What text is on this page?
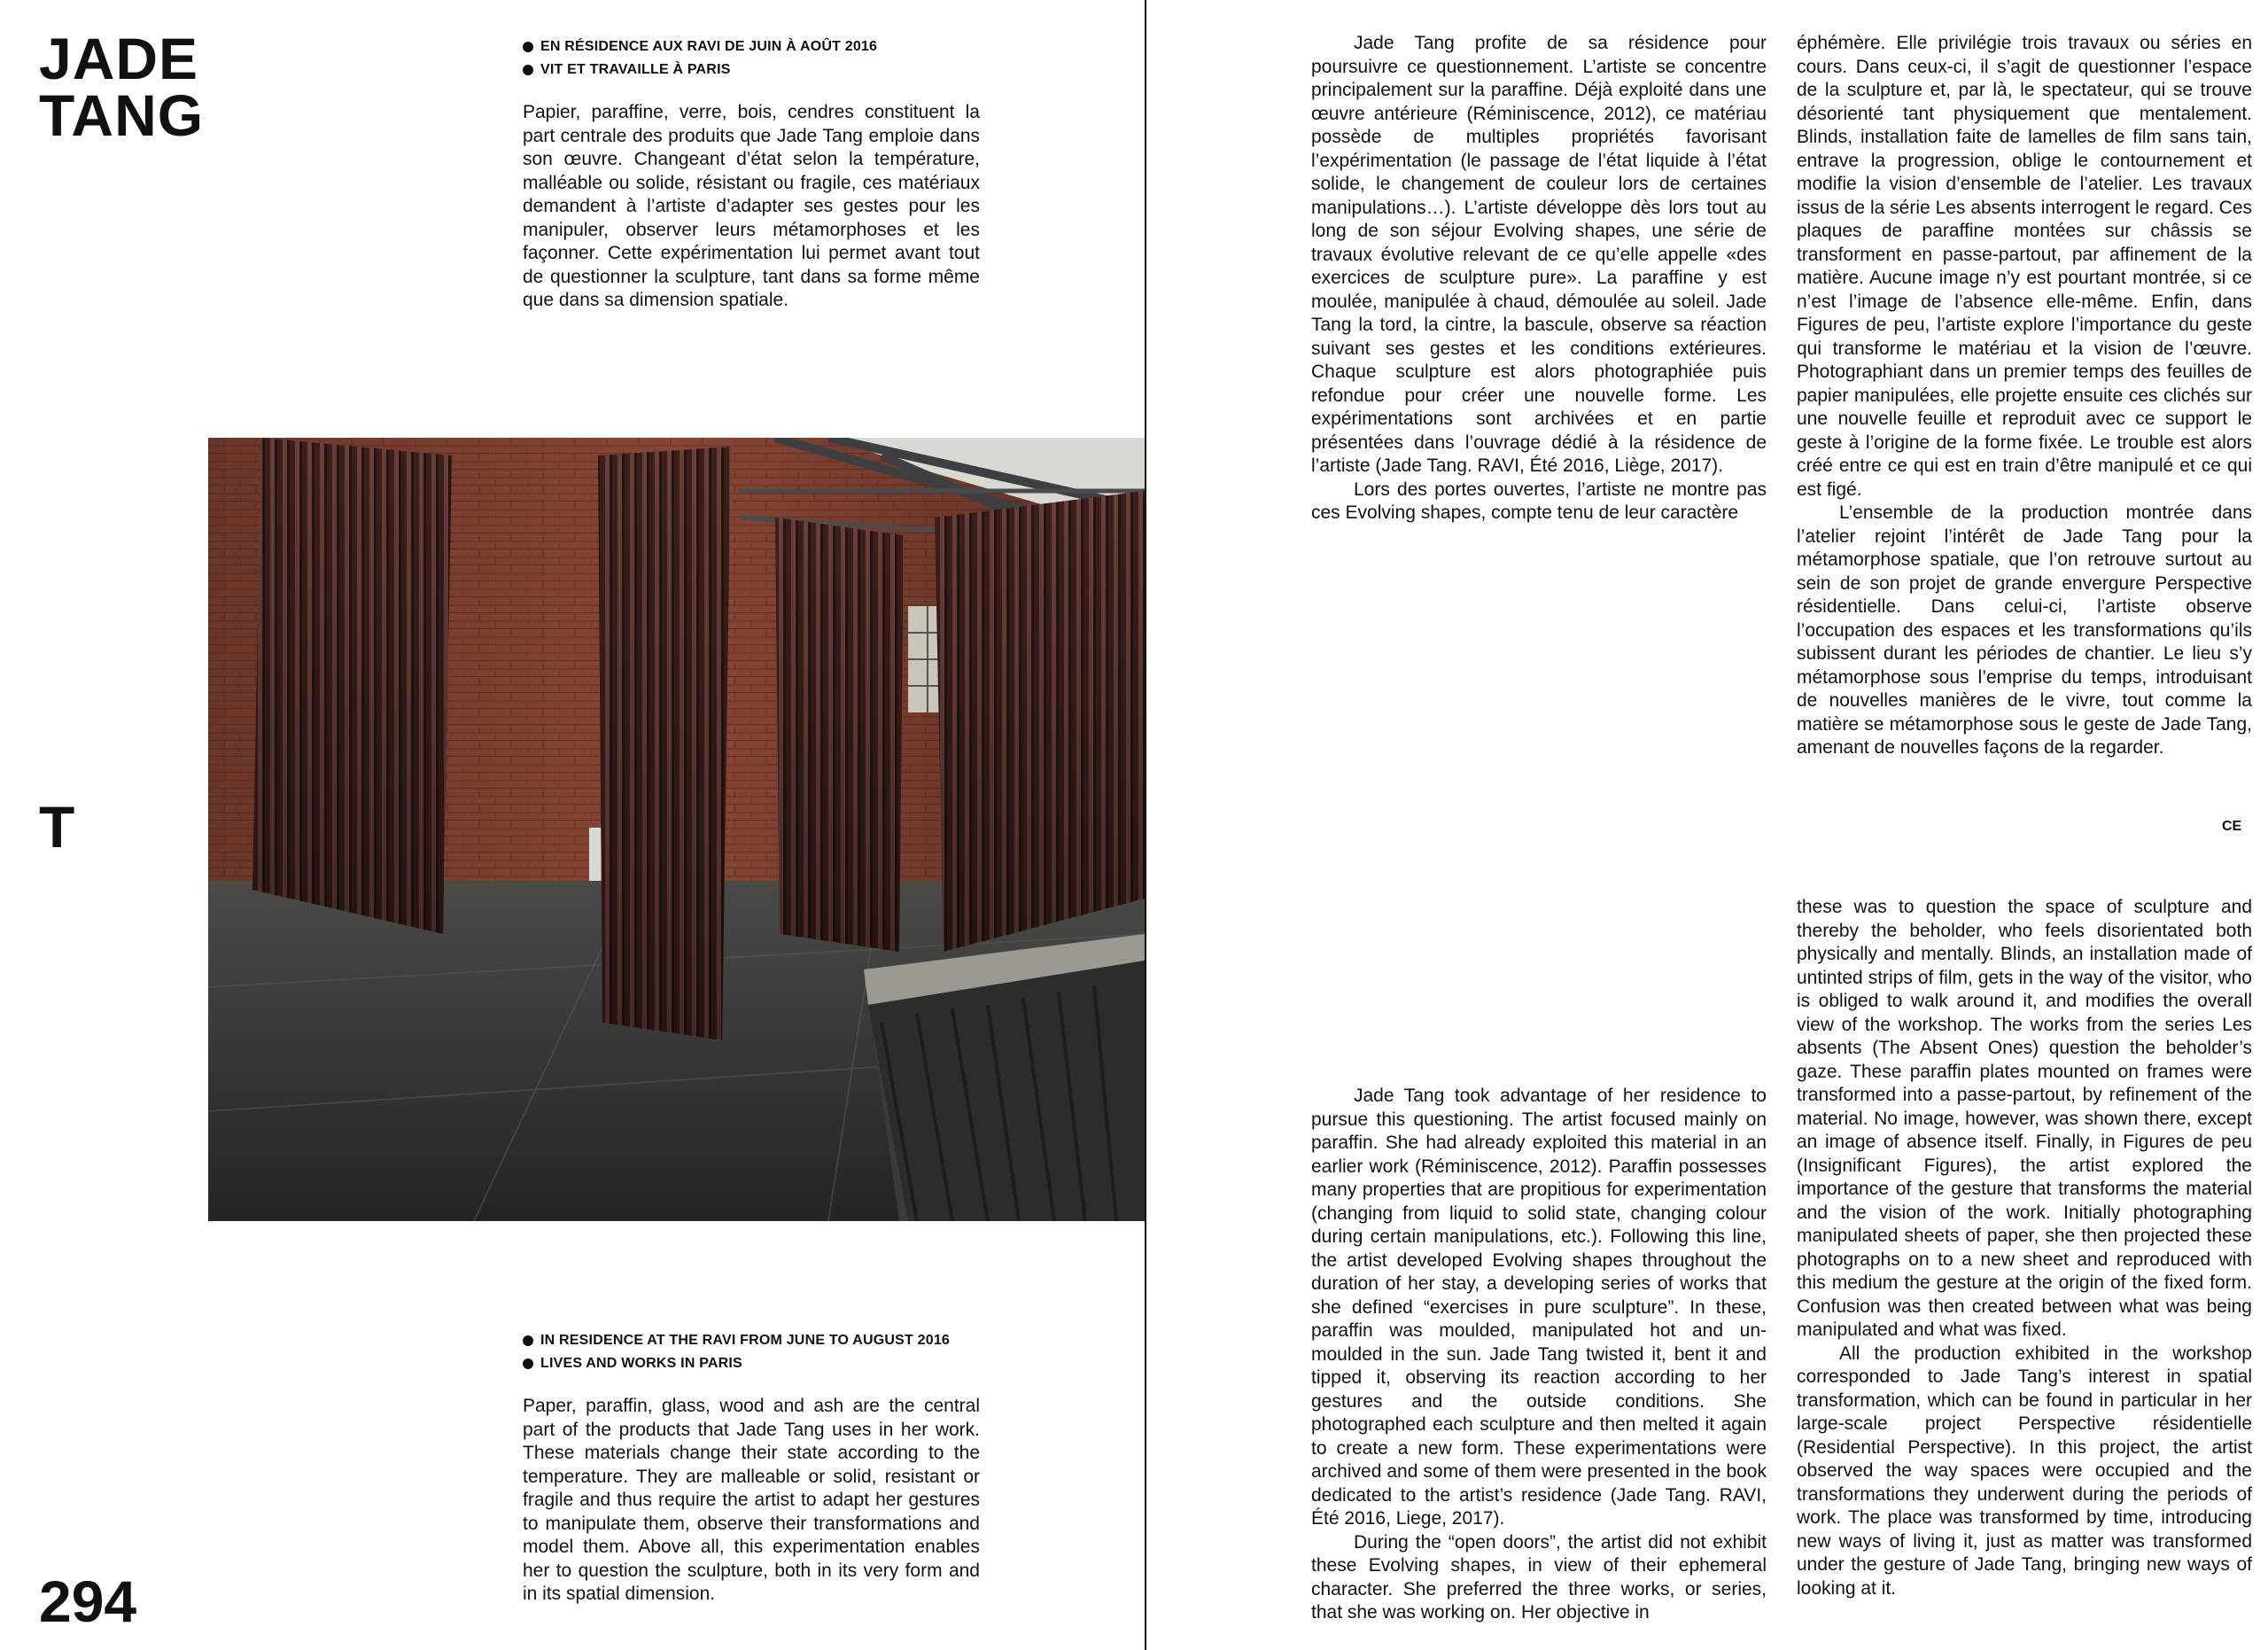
JADE
TANG
EN RÉSIDENCE AUX RAVI DE JUIN À AOÛT 2016
VIT ET TRAVAILLE À PARIS

Papier, paraffine, verre, bois, cendres constituent la part centrale des produits que Jade Tang emploie dans son œuvre. Changeant d’état selon la température, malléable ou solide, résistant ou fragile, ces matériaux demandent à l’artiste d’adapter ses gestes pour les manipuler, observer leurs métamorphoses et les façonner. Cette expérimentation lui permet avant tout de questionner la sculpture, tant dans sa forme même que dans sa dimension spatiale.

T
IN RESIDENCE AT THE RAVI FROM JUNE TO AUGUST 2016
LIVES AND WORKS IN PARIS

Paper, paraffin, glass, wood and ash are the central part of the products that Jade Tang uses in her work. These materials change their state according to the temperature. They are malleable or solid, resistant or fragile and thus require the artist to adapt her gestures to manipulate them, observe their transformations and model them. Above all, this experimentation enables her to question the sculpture, both in its very form and in its spatial dimension.

294

Jade Tang profite de sa résidence pour poursuivre ce questionnement. L’artiste se concentre principalement sur la paraffine. Déjà exploité dans une œuvre antérieure (Réminiscence, 2012), ce matériau possède de multiples propriétés favorisant l’expérimentation (le passage de l’état liquide à l’état solide, le changement de couleur lors de certaines manipulations…). L’artiste développe dès lors tout au long de son séjour Evolving shapes, une série de travaux évolutive relevant de ce qu’elle appelle «des exercices de sculpture pure». La paraffine y est moulée, manipulée à chaud, démoulée au soleil. Jade Tang la tord, la cintre, la bascule, observe sa réaction suivant ses gestes et les conditions extérieures. Chaque sculpture est alors photographiée puis refondue pour créer une nouvelle forme. Les expérimentations sont archivées et en partie présentées dans l’ouvrage dédié à la résidence de l’artiste (Jade Tang. RAVI, Été 2016, Liège, 2017).

Lors des portes ouvertes, l’artiste ne montre pas ces Evolving shapes, compte tenu de leur caractère

éphémère. Elle privilégie trois travaux ou séries en cours. Dans ceux-ci, il s’agit de questionner l’espace de la sculpture et, par là, le spectateur, qui se trouve désorienté tant physiquement que mentalement. Blinds, installation faite de lamelles de film sans tain, entrave la progression, oblige le contournement et modifie la vision d’ensemble de l’atelier. Les travaux issus de la série Les absents interrogent le regard. Ces plaques de paraffine montées sur châssis se transforment en passe-partout, par affinement de la matière. Aucune image n’y est pourtant montrée, si ce n’est l’image de l’absence elle-même. Enfin, dans Figures de peu, l’artiste explore l’importance du geste qui transforme le matériau et la vision de l’œuvre. Photographiant dans un premier temps des feuilles de papier manipulées, elle projette ensuite ces clichés sur une nouvelle feuille et reproduit avec ce support le geste à l’origine de la forme fixée. Le trouble est alors créé entre ce qui est en train d’être manipulé et ce qui est figé.

L’ensemble de la production montrée dans l’atelier rejoint l’intérêt de Jade Tang pour la métamorphose spatiale, que l’on retrouve surtout au sein de son projet de grande envergure Perspective résidentielle. Dans celui-ci, l’artiste observe l’occupation des espaces et les transformations qu’ils subissent durant les périodes de chantier. Le lieu s’y métamorphose sous l’emprise du temps, introduisant de nouvelles manières de le vivre, tout comme la matière se métamorphose sous le geste de Jade Tang, amenant de nouvelles façons de la regarder.

CE

Jade Tang took advantage of her residence to pursue this questioning. The artist focused mainly on paraffin. She had already exploited this material in an earlier work (Réminiscence, 2012). Paraffin possesses many properties that are propitious for experimentation (changing from liquid to solid state, changing colour during certain manipulations, etc.). Following this line, the artist developed Evolving shapes throughout the duration of her stay, a developing series of works that she defined “exercises in pure sculpture”. In these, paraffin was moulded, manipulated hot and un-moulded in the sun. Jade Tang twisted it, bent it and tipped it, observing its reaction according to her gestures and the outside conditions. She photographed each sculpture and then melted it again to create a new form. These experimentations were archived and some of them were presented in the book dedicated to the artist’s residence (Jade Tang. RAVI, Été 2016, Liege, 2017).

During the “open doors”, the artist did not exhibit these Evolving shapes, in view of their ephemeral character. She preferred the three works, or series, that she was working on. Her objective in

these was to question the space of sculpture and thereby the beholder, who feels disorientated both physically and mentally. Blinds, an installation made of untinted strips of film, gets in the way of the visitor, who is obliged to walk around it, and modifies the overall view of the workshop. The works from the series Les absents (The Absent Ones) question the beholder’s gaze. These paraffin plates mounted on frames were transformed into a passe-partout, by refinement of the material. No image, however, was shown there, except an image of absence itself. Finally, in Figures de peu (Insignificant Figures), the artist explored the importance of the gesture that transforms the material and the vision of the work. Initially photographing manipulated sheets of paper, she then projected these photographs on to a new sheet and reproduced with this medium the gesture at the origin of the fixed form. Confusion was then created between what was being manipulated and what was fixed.

All the production exhibited in the workshop corresponded to Jade Tang’s interest in spatial transformation, which can be found in particular in her large-scale project Perspective résidentielle (Residential Perspective). In this project, the artist observed the way spaces were occupied and the transformations they underwent during the periods of work. The place was transformed by time, introducing new ways of living it, just as matter was transformed under the gesture of Jade Tang, bringing new ways of looking at it.
